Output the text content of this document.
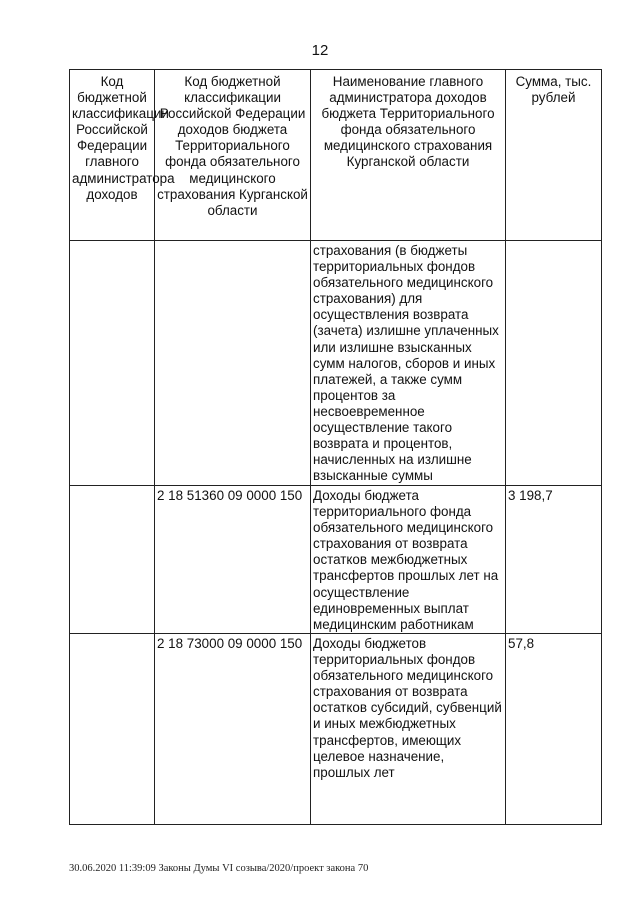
12
Код бюджетной классификации Российской Федерации главного администратора доходов	Код бюджетной классификации Российской Федерации доходов бюджета Территориального фонда обязательного медицинского страхования Курганской области	Наименование главного администратора доходов бюджета Территориального фонда обязательного медицинского страхования Курганской области	Сумма, тыс. рублей
		страхования (в бюджеты территориальных фондов обязательного медицинского страхования) для осуществления возврата (зачета) излишне уплаченных или излишне взысканных сумм налогов, сборов и иных платежей, а также сумм процентов за несвоевременное осуществление такого возврата и процентов, начисленных на излишне взысканные суммы	
	2 18 51360 09 0000 150	Доходы бюджета территориального фонда обязательного медицинского страхования от возврата остатков межбюджетных трансфертов прошлых лет на осуществление единовременных выплат медицинским работникам	3 198,7
	2 18 73000 09 0000 150	Доходы бюджетов территориальных фондов обязательного медицинского страхования от возврата остатков субсидий, субвенций и иных межбюджетных трансфертов, имеющих целевое назначение, прошлых лет	57,8
30.06.2020 11:39:09 Законы Думы VI созыва/2020/проект закона 70
